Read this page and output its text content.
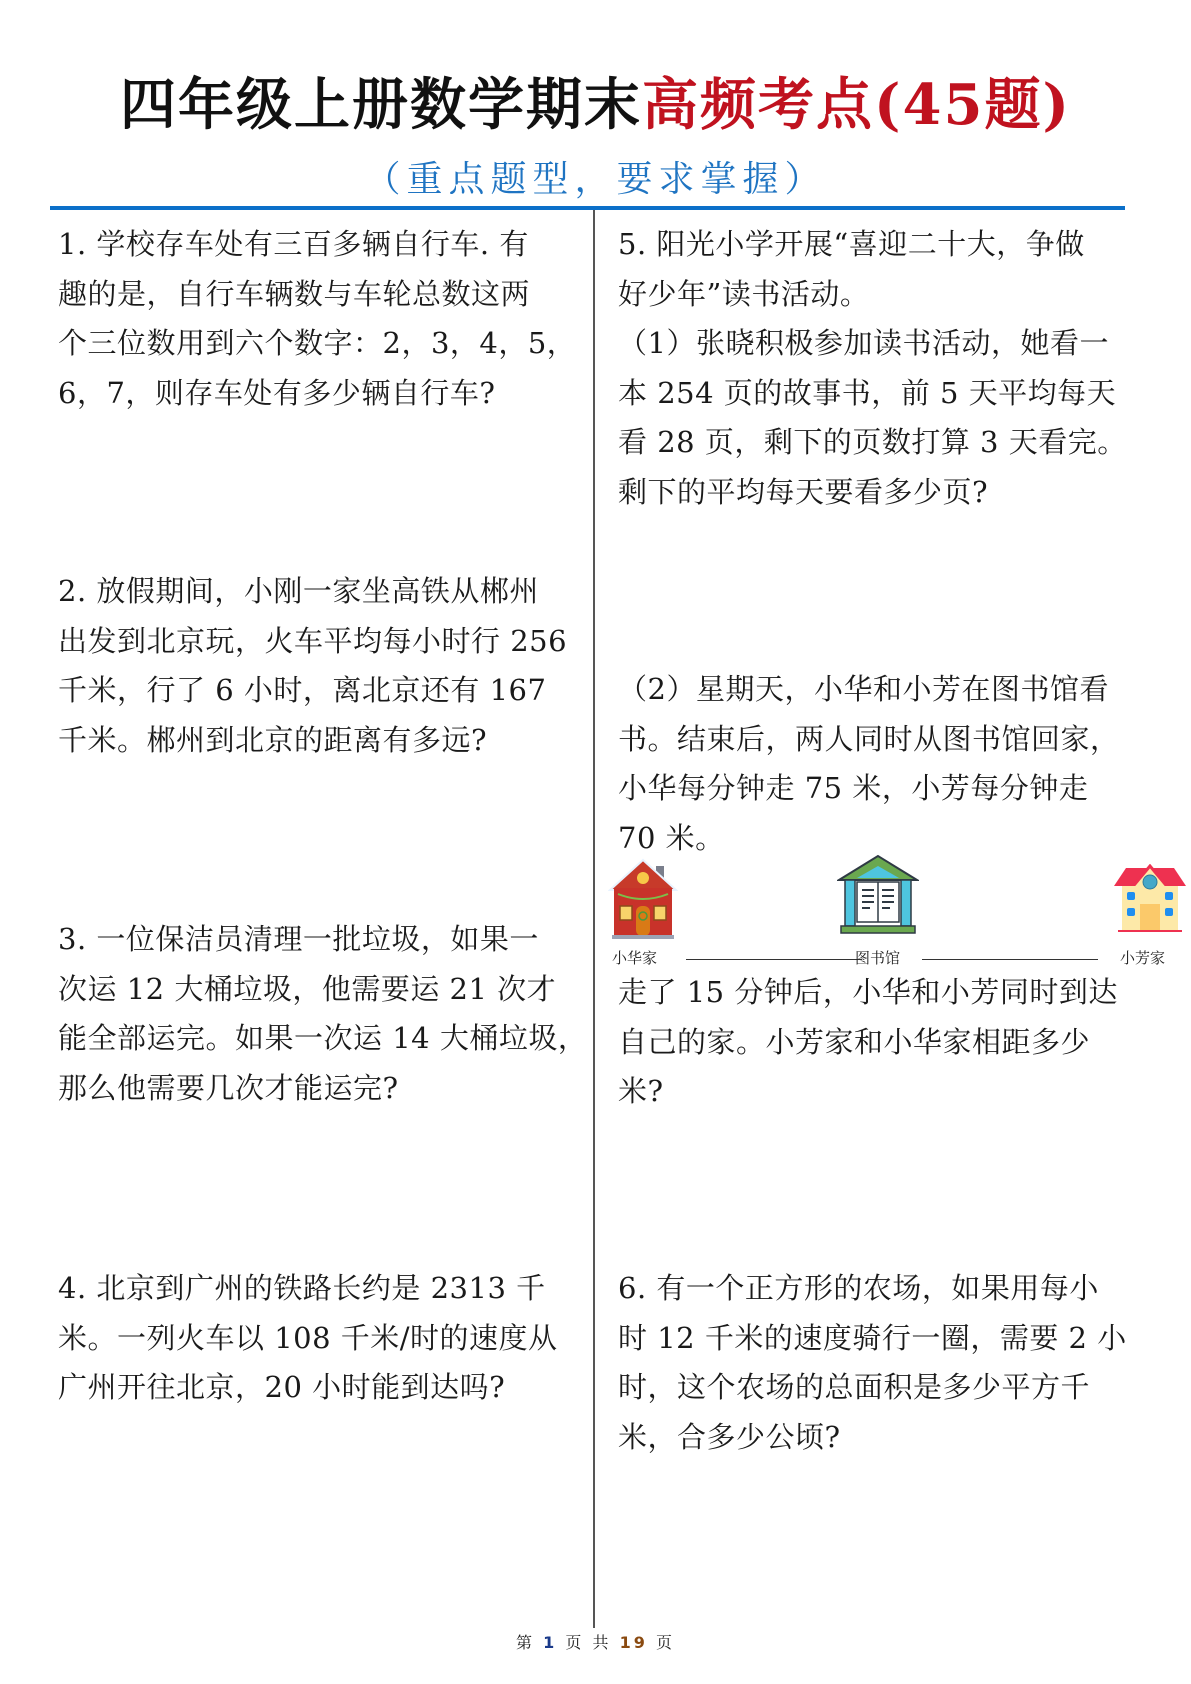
四年级上册数学期末高频考点(45题)
（重点题型，要求掌握）
1. 学校存车处有三百多辆自行车. 有
趣的是，自行车辆数与车轮总数这两
个三位数用到六个数字：2，3，4，5，
6，7，则存车处有多少辆自行车?
2. 放假期间，小刚一家坐高铁从郴州
出发到北京玩，火车平均每小时行 256
千米，行了 6 小时，离北京还有 167
千米。郴州到北京的距离有多远?
3. 一位保洁员清理一批垃圾，如果一
次运 12 大桶垃圾，他需要运 21 次才
能全部运完。如果一次运 14 大桶垃圾，
那么他需要几次才能运完?
4. 北京到广州的铁路长约是 2313 千
米。一列火车以 108 千米/时的速度从
广州开往北京，20 小时能到达吗?
5. 阳光小学开展“喜迎二十大，争做
好少年”读书活动。
（1）张晓积极参加读书活动，她看一
本 254 页的故事书，前 5 天平均每天
看 28 页，剩下的页数打算 3 天看完。
剩下的平均每天要看多少页?
（2）星期天，小华和小芳在图书馆看
书。结束后，两人同时从图书馆回家，
小华每分钟走 75 米，小芳每分钟走
70 米。
小华家	图书馆	小芳家
走了 15 分钟后，小华和小芳同时到达
自己的家。小芳家和小华家相距多少
米?
6. 有一个正方形的农场，如果用每小
时 12 千米的速度骑行一圈，需要 2 小
时，这个农场的总面积是多少平方千
米，合多少公顷?
第 1 页 共 19 页
